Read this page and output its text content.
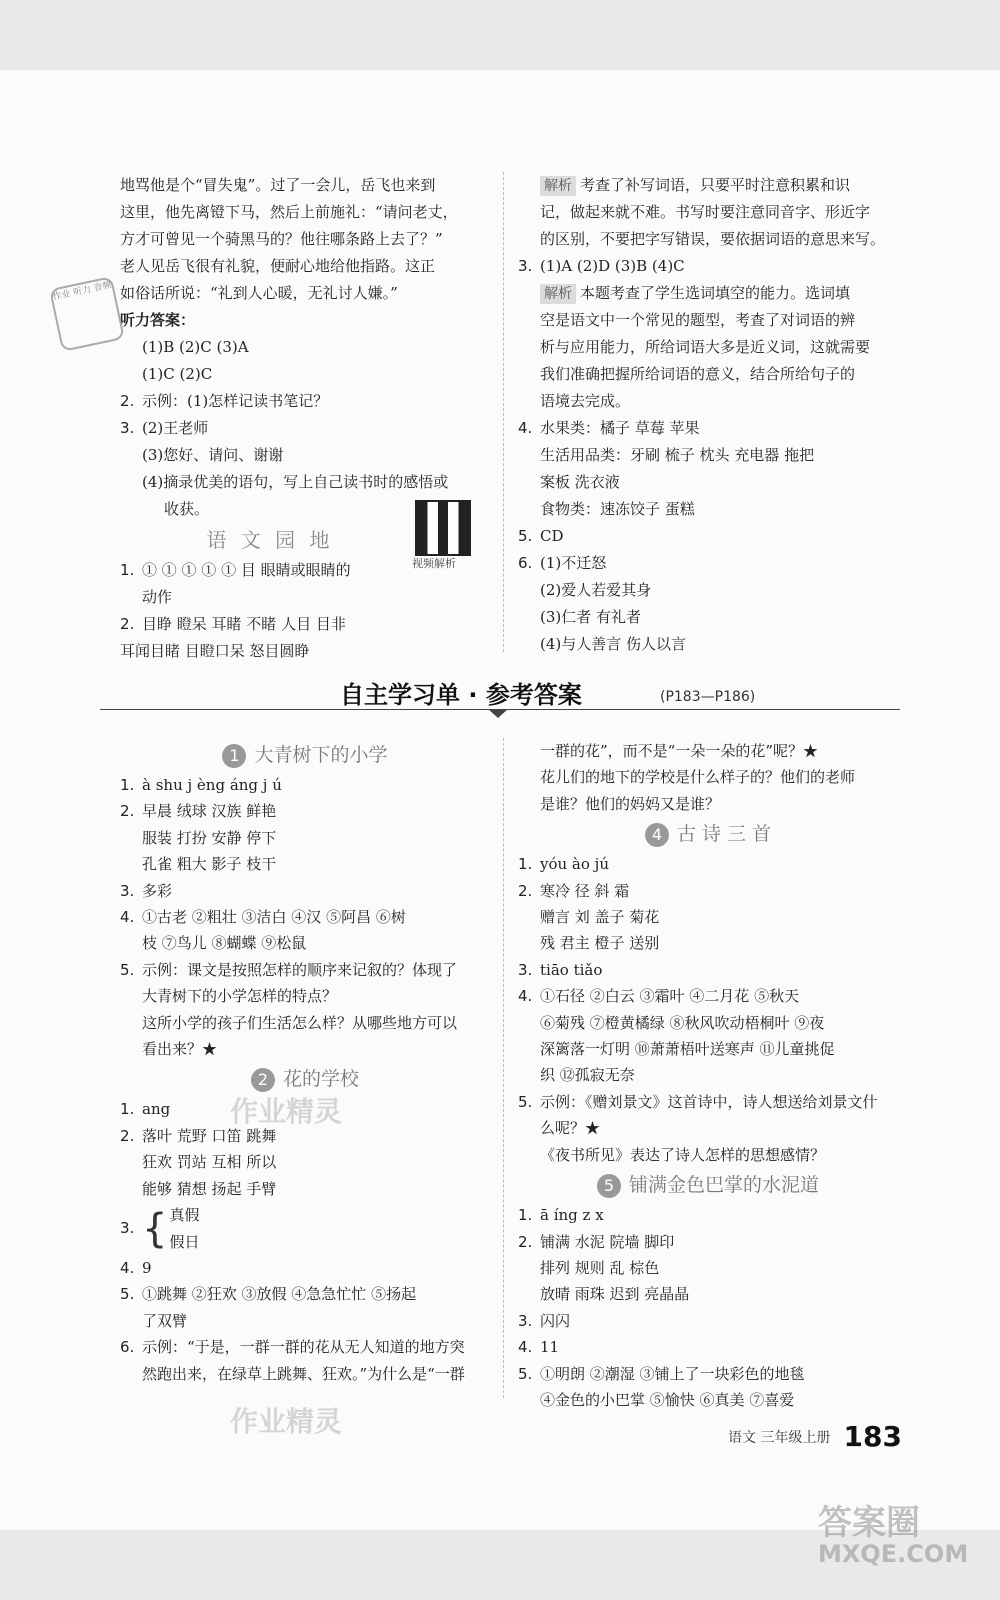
地骂他是个“冒失鬼”。过了一会儿，岳飞也来到
这里，他先离镫下马，然后上前施礼：“请问老丈，
方才可曾见一个骑黑马的？他往哪条路上去了？”
老人见岳飞很有礼貌，便耐心地给他指路。这正
如俗话所说：“礼到人心暖，无礼讨人嫌。”
听力答案：
(1)B (2)C (3)A
(1)C (2)C
2. 示例：(1)怎样记读书笔记？
3. (2)王老师
(3)您好、请问、谢谢
(4)摘录优美的语句，写上自己读书时的感悟或
收获。
语 文 园 地
1. ① ① ① ① ① 目 眼睛或眼睛的
动作
2. 目睁 瞪呆 耳睹 不睹 人目 目非
耳闻目睹 目瞪口呆 怒目圆睁
作业 听力 音频
视频解析
解析 考查了补写词语，只要平时注意积累和识
记，做起来就不难。书写时要注意同音字、形近字
的区别，不要把字写错误，要依据词语的意思来写。
3. (1)A (2)D (3)B (4)C
解析 本题考查了学生选词填空的能力。选词填
空是语文中一个常见的题型，考查了对词语的辨
析与应用能力，所给词语大多是近义词，这就需要
我们准确把握所给词语的意义，结合所给句子的
语境去完成。
4. 水果类：橘子 草莓 苹果
生活用品类：牙刷 梳子 枕头 充电器 拖把
案板 洗衣液
食物类：速冻饺子 蛋糕
5. CD
6. (1)不迁怒
(2)爱人若爱其身
(3)仁者 有礼者
(4)与人善言 伤人以言
自主学习单 · 参考答案	(P183—P186)
1 大青树下的小学
1. à shu j èng áng j ú
2. 早晨 绒球 汉族 鲜艳
服装 打扮 安静 停下
孔雀 粗大 影子 枝干
3. 多彩
4. ①古老 ②粗壮 ③洁白 ④汉 ⑤阿昌 ⑥树
枝 ⑦鸟儿 ⑧蝴蝶 ⑨松鼠
5. 示例：课文是按照怎样的顺序来记叙的？体现了
大青树下的小学怎样的特点？
这所小学的孩子们生活怎么样？从哪些地方可以
看出来？★
2 花的学校
1. ang
2. 落叶 荒野 口笛 跳舞
狂欢 罚站 互相 所以
能够 猜想 扬起 手臂
3. { 真假
假日
4. 9
5. ①跳舞 ②狂欢 ③放假 ④急急忙忙 ⑤扬起
了双臂
6. 示例：“于是，一群一群的花从无人知道的地方突
然跑出来，在绿草上跳舞、狂欢。”为什么是“一群
一群的花”，而不是“一朵一朵的花”呢？★
花儿们的地下的学校是什么样子的？他们的老师
是谁？他们的妈妈又是谁？
4 古 诗 三 首
1. yóu ào jú
2. 寒冷 径 斜 霜
赠言 刘 盖子 菊花
残 君主 橙子 送别
3. tiāo tiǎo
4. ①石径 ②白云 ③霜叶 ④二月花 ⑤秋天
⑥菊残 ⑦橙黄橘绿 ⑧秋风吹动梧桐叶 ⑨夜
深篱落一灯明 ⑩萧萧梧叶送寒声 ⑪儿童挑促
织 ⑫孤寂无奈
5. 示例：《赠刘景文》这首诗中，诗人想送给刘景文什
么呢？★
《夜书所见》表达了诗人怎样的思想感情？
5 铺满金色巴掌的水泥道
1. ā íng z x
2. 铺满 水泥 院墙 脚印
排列 规则 乱 棕色
放晴 雨珠 迟到 亮晶晶
3. 闪闪
4. 11
5. ①明朗 ②潮湿 ③铺上了一块彩色的地毯
④金色的小巴掌 ⑤愉快 ⑥真美 ⑦喜爱
作业精灵
作业精灵	语文 三年级上册 183
答案圈
MXQE.COM
